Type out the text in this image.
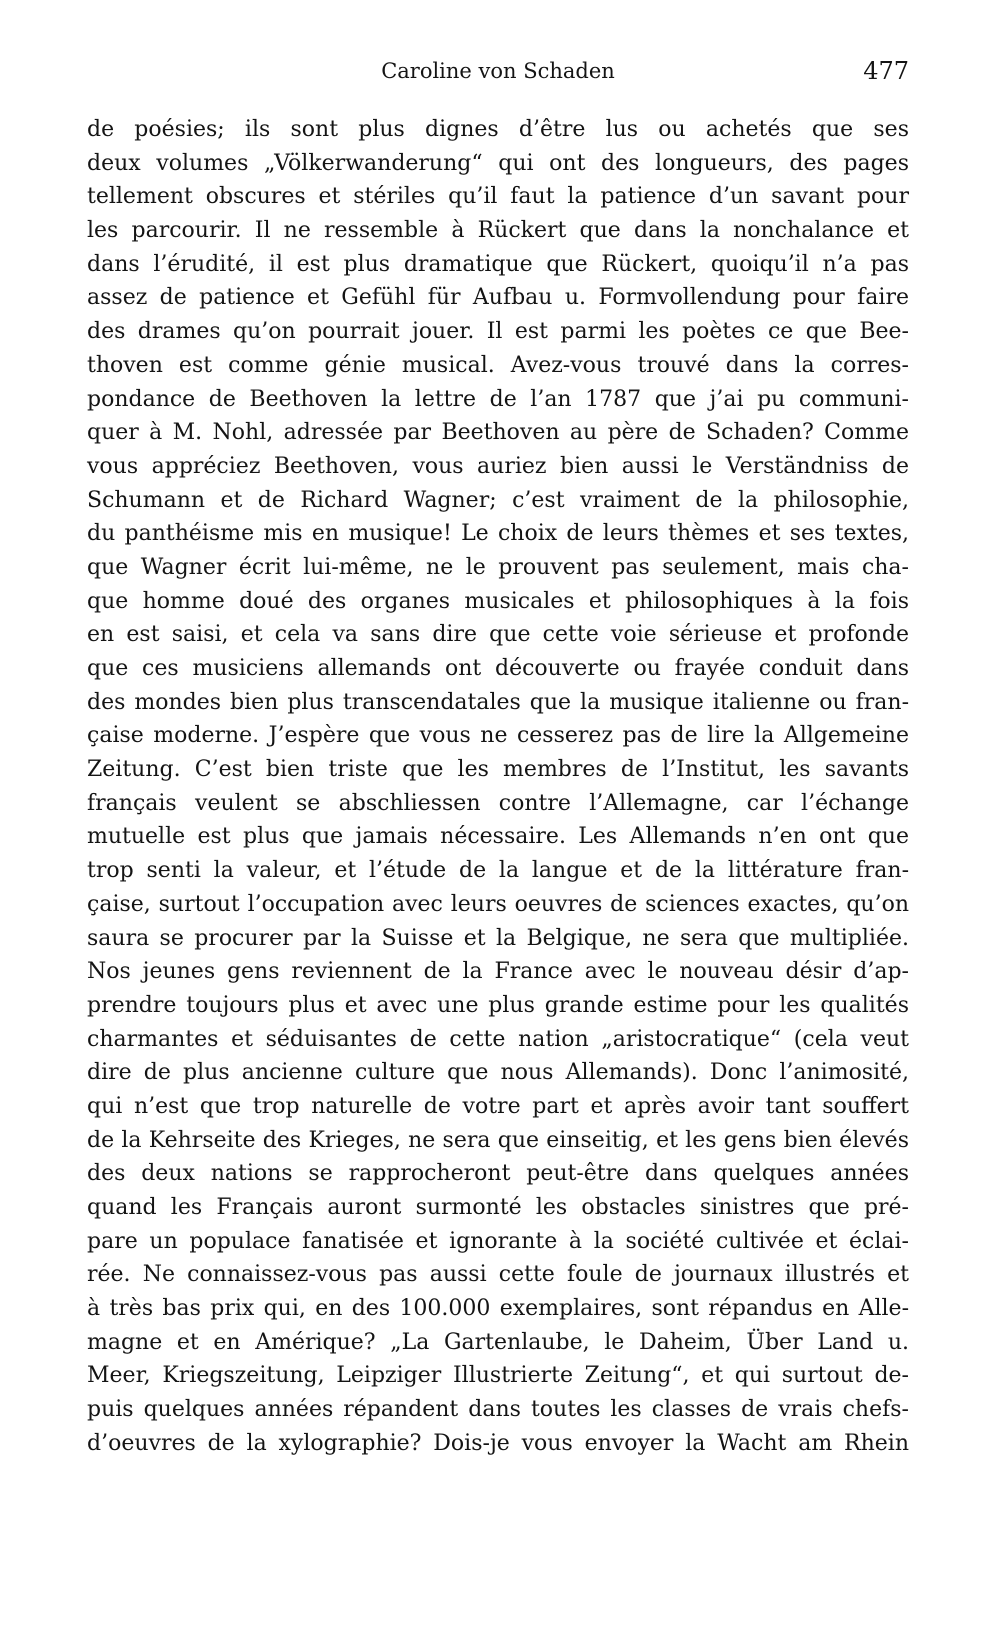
Caroline von Schaden	477
de poésies; ils sont plus dignes d’être lus ou achetés que ses
deux volumes „Völkerwanderung“ qui ont des longueurs, des pages
tellement obscures et stériles qu’il faut la patience d’un savant pour
les parcourir. Il ne ressemble à Rückert que dans la nonchalance et
dans l’érudité, il est plus dramatique que Rückert, quoiqu’il n’a pas
assez de patience et Gefühl für Aufbau u. Formvollendung pour faire
des drames qu’on pourrait jouer. Il est parmi les poètes ce que Bee-
thoven est comme génie musical. Avez-vous trouvé dans la corres-
pondance de Beethoven la lettre de l’an 1787 que j’ai pu communi-
quer à M. Nohl, adressée par Beethoven au père de Schaden? Comme
vous appréciez Beethoven, vous auriez bien aussi le Verständniss de
Schumann et de Richard Wagner; c’est vraiment de la philosophie,
du panthéisme mis en musique! Le choix de leurs thèmes et ses textes,
que Wagner écrit lui-même, ne le prouvent pas seulement, mais cha-
que homme doué des organes musicales et philosophiques à la fois
en est saisi, et cela va sans dire que cette voie sérieuse et profonde
que ces musiciens allemands ont découverte ou frayée conduit dans
des mondes bien plus transcendatales que la musique italienne ou fran-
çaise moderne. J’espère que vous ne cesserez pas de lire la Allgemeine
Zeitung. C’est bien triste que les membres de l’Institut, les savants
français veulent se abschliessen contre l’Allemagne, car l’échange
mutuelle est plus que jamais nécessaire. Les Allemands n’en ont que
trop senti la valeur, et l’étude de la langue et de la littérature fran-
çaise, surtout l’occupation avec leurs oeuvres de sciences exactes, qu’on
saura se procurer par la Suisse et la Belgique, ne sera que multipliée.
Nos jeunes gens reviennent de la France avec le nouveau désir d’ap-
prendre toujours plus et avec une plus grande estime pour les qualités
charmantes et séduisantes de cette nation „aristocratique“ (cela veut
dire de plus ancienne culture que nous Allemands). Donc l’animosité,
qui n’est que trop naturelle de votre part et après avoir tant souffert
de la Kehrseite des Krieges, ne sera que einseitig, et les gens bien élevés
des deux nations se rapprocheront peut-être dans quelques années
quand les Français auront surmonté les obstacles sinistres que pré-
pare un populace fanatisée et ignorante à la société cultivée et éclai-
rée. Ne connaissez-vous pas aussi cette foule de journaux illustrés et
à très bas prix qui, en des 100.000 exemplaires, sont répandus en Alle-
magne et en Amérique? „La Gartenlaube, le Daheim, Über Land u.
Meer, Kriegszeitung, Leipziger Illustrierte Zeitung“, et qui surtout de-
puis quelques années répandent dans toutes les classes de vrais chefs-
d’oeuvres de la xylographie? Dois-je vous envoyer la Wacht am Rhein
